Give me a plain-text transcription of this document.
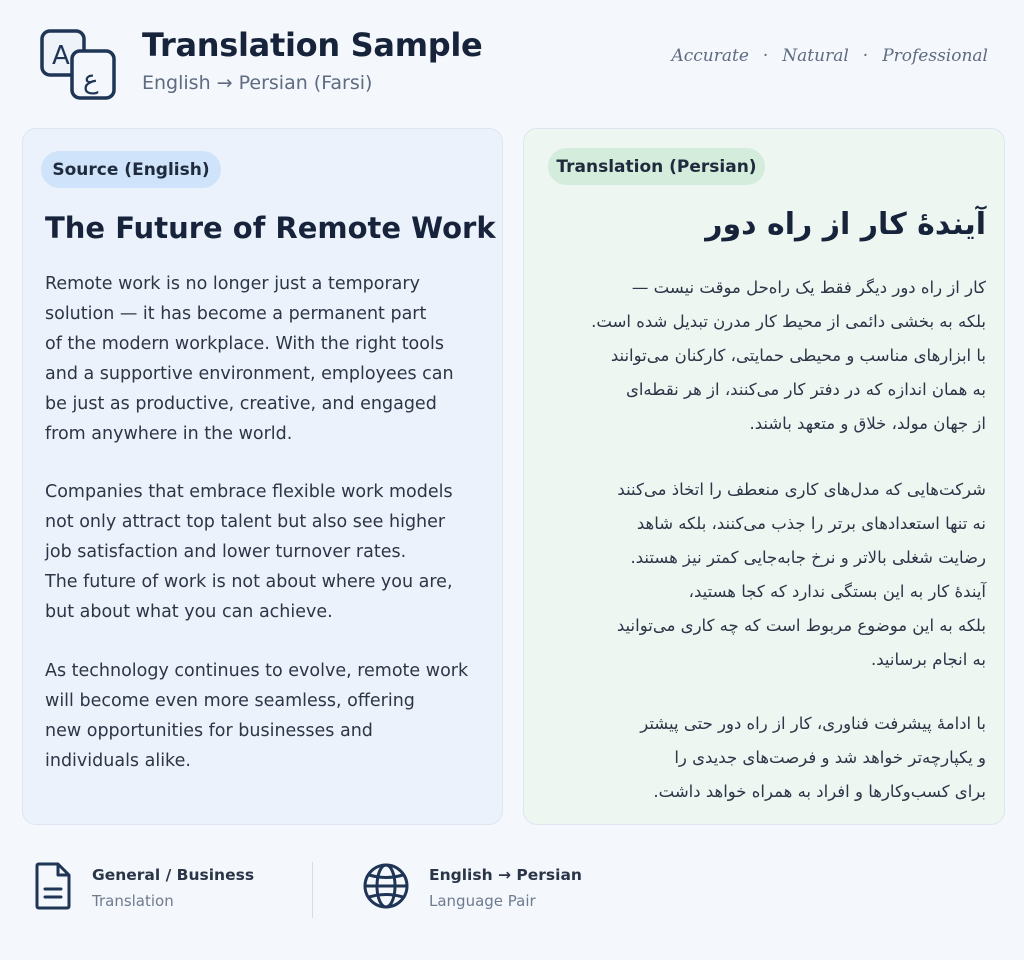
A
ع
Translation Sample
English → Persian (Farsi)
Accurate · Natural · Professional
Source (English)
The Future of Remote Work

Remote work is no longer just a temporary
solution — it has become a permanent part
of the modern workplace. With the right tools
and a supportive environment, employees can
be just as productive, creative, and engaged
from anywhere in the world.

Companies that embrace flexible work models
not only attract top talent but also see higher
job satisfaction and lower turnover rates.
The future of work is not about where you are,
but about what you can achieve.

As technology continues to evolve, remote work
will become even more seamless, offering
new opportunities for businesses and
individuals alike.

Translation (Persian)
آیندهٔ کار از راه دور

کار از راه دور دیگر فقط یک راه‌حل موقت نیست —
بلکه به بخشی دائمی از محیط کار مدرن تبدیل شده است.
با ابزارهای مناسب و محیطی حمایتی، کارکنان می‌توانند
به همان اندازه که در دفتر کار می‌کنند، از هر نقطه‌ای
از جهان مولد، خلاق و متعهد باشند.

شرکت‌هایی که مدل‌های کاری منعطف را اتخاذ می‌کنند
نه تنها استعدادهای برتر را جذب می‌کنند، بلکه شاهد
رضایت شغلی بالاتر و نرخ جابه‌جایی کمتر نیز هستند.
آیندهٔ کار به این بستگی ندارد که کجا هستید،
بلکه به این موضوع مربوط است که چه کاری می‌توانید
به انجام برسانید.

با ادامهٔ پیشرفت فناوری، کار از راه دور حتی پیشتر
و یکپارچه‌تر خواهد شد و فرصت‌های جدیدی را
برای کسب‌وکارها و افراد به همراه خواهد داشت.

General / Business
Translation
English → Persian
Language Pair
